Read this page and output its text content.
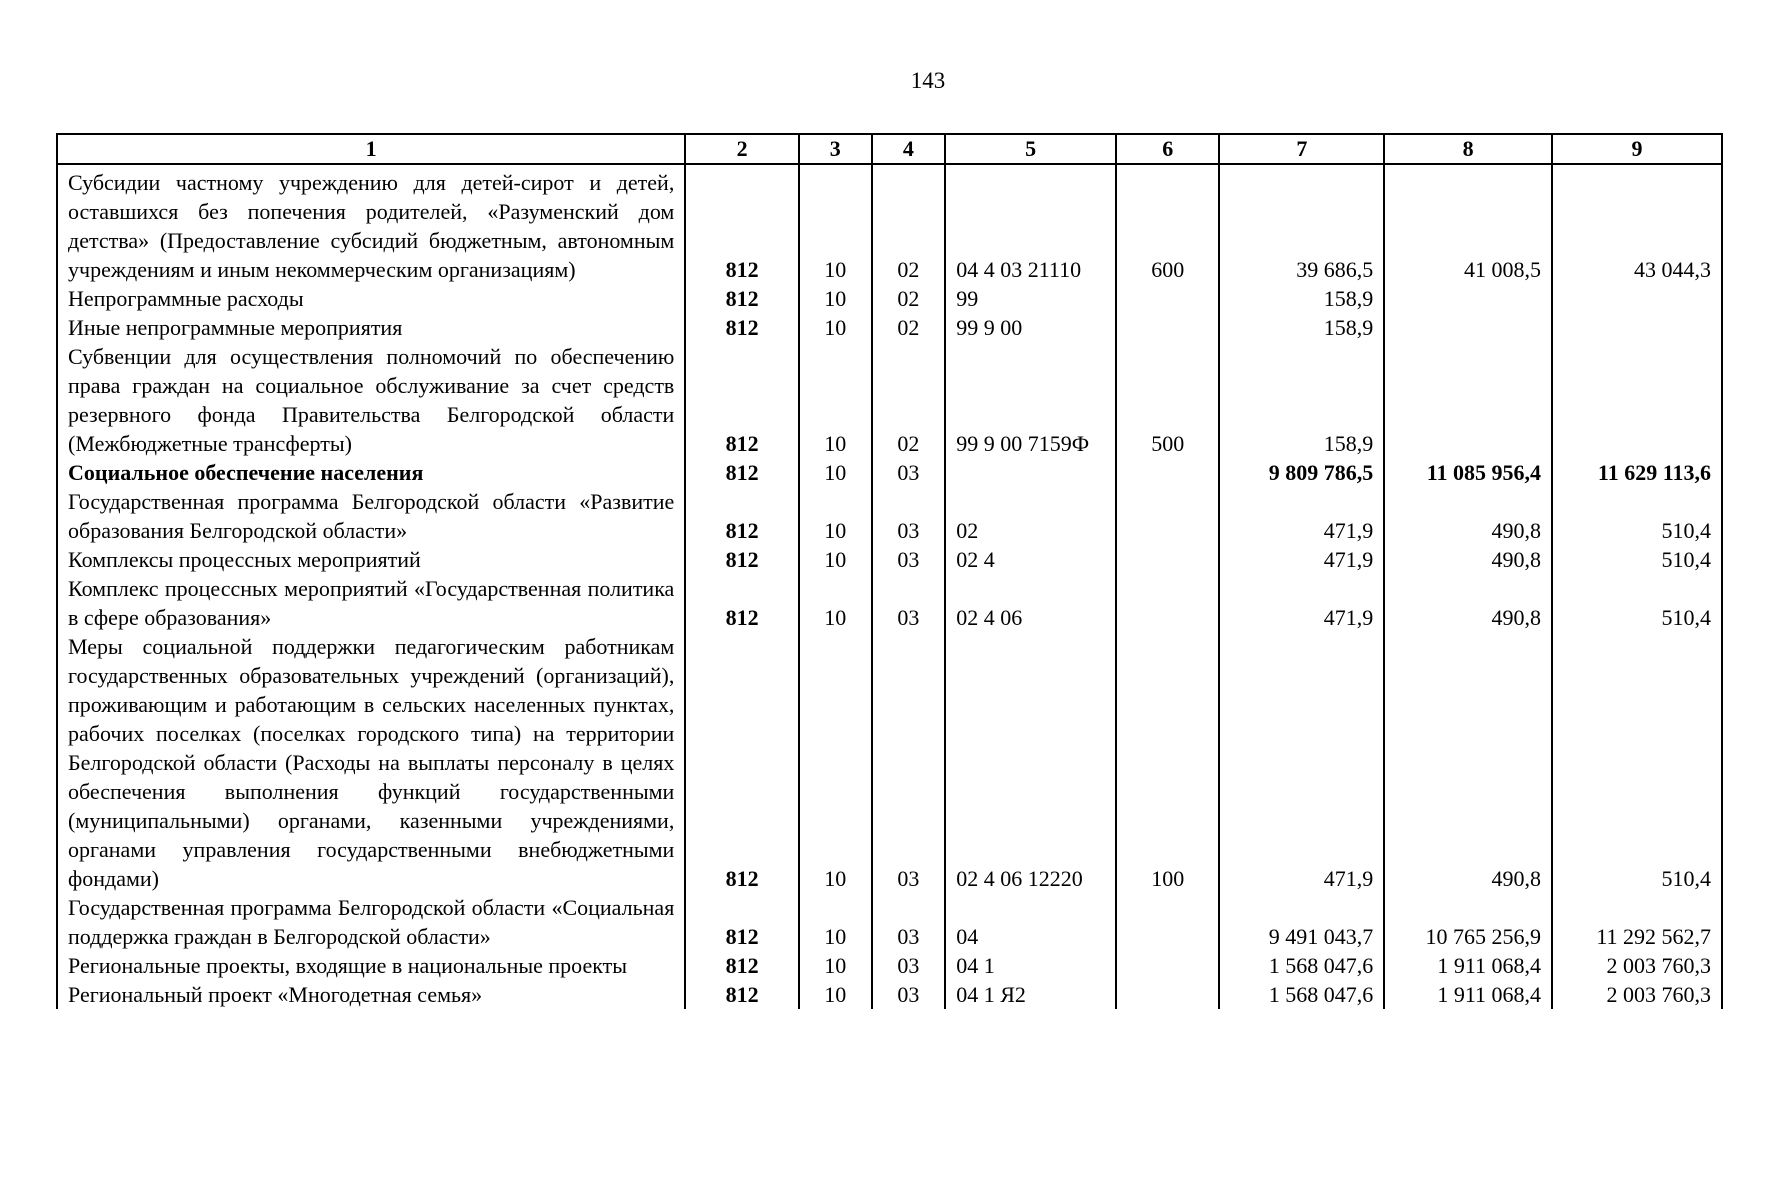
143
1	2	3	4	5	6	7	8	9
Субсидии частному учреждению для детей-сирот и детей, оставшихся без попечения родителей, «Разуменский дом детства» (Предоставление субсидий бюджетным, автономным учреждениям и иным некоммерческим организациям)	812	10	02	04 4 03 21110	600	39 686,5	41 008,5	43 044,3
Непрограммные расходы	812	10	02	99		158,9		
Иные непрограммные мероприятия	812	10	02	99 9 00		158,9		
Субвенции для осуществления полномочий по обеспечению права граждан на социальное обслуживание за счет средств резервного фонда Правительства Белгородской области (Межбюджетные трансферты)	812	10	02	99 9 00 7159Ф	500	158,9		
Социальное обеспечение населения	812	10	03			9 809 786,5	11 085 956,4	11 629 113,6
Государственная программа Белгородской области «Развитие образования Белгородской области»	812	10	03	02		471,9	490,8	510,4
Комплексы процессных мероприятий	812	10	03	02 4		471,9	490,8	510,4
Комплекс процессных мероприятий «Государственная политика в сфере образования»	812	10	03	02 4 06		471,9	490,8	510,4
Меры социальной поддержки педагогическим работникам государственных образовательных учреждений (организаций), проживающим и работающим в сельских населенных пунктах, рабочих поселках (поселках городского типа) на территории Белгородской области (Расходы на выплаты персоналу в целях обеспечения выполнения функций государственными (муниципальными) органами, казенными учреждениями, органами управления государственными внебюджетными фондами)	812	10	03	02 4 06 12220	100	471,9	490,8	510,4
Государственная программа Белгородской области «Социальная поддержка граждан в Белгородской области»	812	10	03	04		9 491 043,7	10 765 256,9	11 292 562,7
Региональные проекты, входящие в национальные проекты	812	10	03	04 1		1 568 047,6	1 911 068,4	2 003 760,3
Региональный проект «Многодетная семья»	812	10	03	04 1 Я2		1 568 047,6	1 911 068,4	2 003 760,3
